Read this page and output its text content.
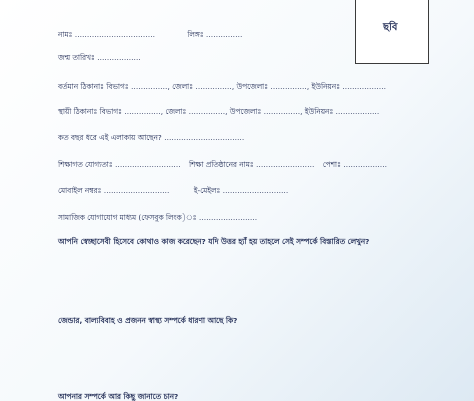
ছবি
নামঃ ……………………………	লিঙ্গঃ ……………
জন্ম তারিখঃ ………………
বর্তমান ঠিকানাঃ বিভাগঃ ……………, জেলাঃ ……………, উপজেলাঃ ……………, ইউনিয়নঃ ………………
স্থায়ী ঠিকানাঃ বিভাগঃ ……………, জেলাঃ ……………, উপজেলাঃ ……………, ইউনিয়নঃ ………………
কত বছর ধরে এই এলাকায় আছেন? ……………………………
শিক্ষাগত যোগ্যতাঃ ……………………… শিক্ষা প্রতিষ্ঠানের নামঃ …………………… পেশাঃ ………………
মোবাইল নম্বরঃ ………………………	ই-মেইলঃ ………………………
সামাজিক যোগাযোগ মাধ্যম (ফেসবুক লিংক)ঃ ……………………
আপনি স্বেচ্ছাসেবী হিসেবে কোথাও কাজ করেছেন? যদি উত্তর হ্যাঁ হয় তাহলে সেই সম্পর্কে বিস্তারিত লেখুন?
জেন্ডার, বাল্যবিবাহ ও প্রজনন স্বাস্থ্য সম্পর্কে ধারণা আছে কি?
আপনার সম্পর্কে আর কিছু জানাতে চান?
